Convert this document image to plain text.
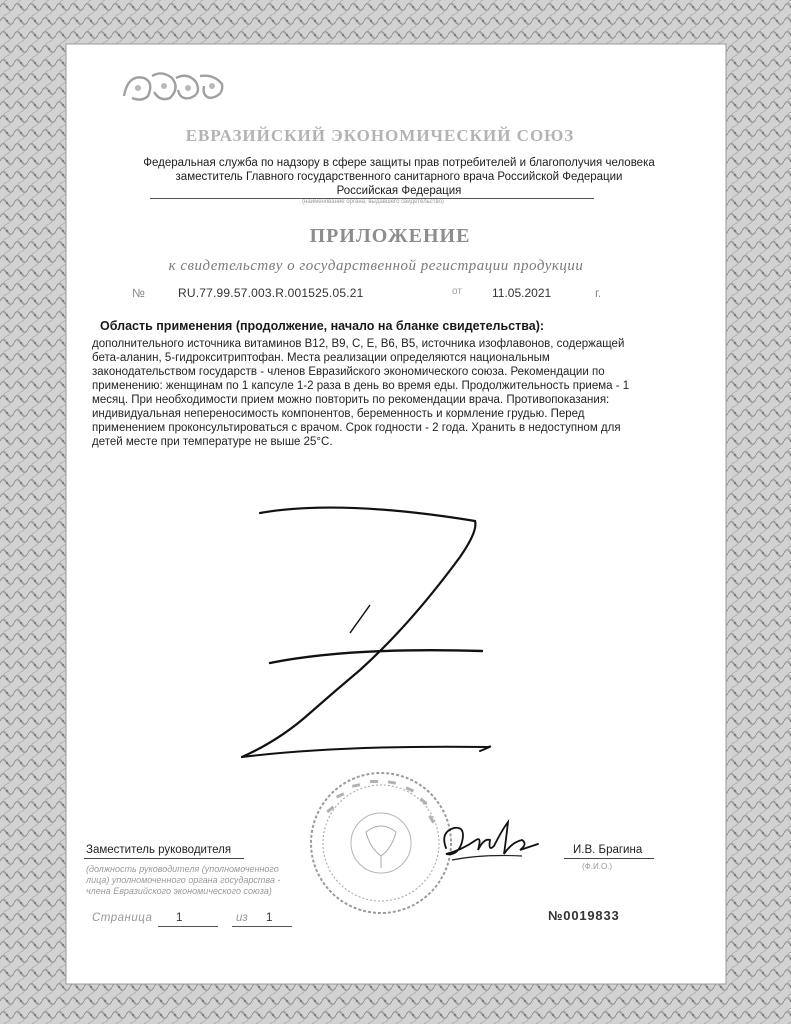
ЕВРАЗИЙСКИЙ ЭКОНОМИЧЕСКИЙ СОЮЗ
Федеральная служба по надзору в сфере защиты прав потребителей и благополучия человека
заместитель Главного государственного санитарного врача Российской Федерации
Российская Федерация
(наименование органа, выдавшего свидетельство)
ПРИЛОЖЕНИЕ
к свидетельству о государственной регистрации продукции
№	RU.77.99.57.003.R.001525.05.21	от	11.05.2021	г.
Область применения (продолжение, начало на бланке свидетельства):
дополнительного источника витаминов В12, В9, С, Е, В6, В5, источника изофлавонов, содержащей бета-аланин, 5-гидрокситриптофан. Места реализации определяются национальным законодательством государств - членов Евразийского экономического союза. Рекомендации по применению: женщинам по 1 капсуле 1-2 раза в день во время еды. Продолжительность приема - 1 месяц. При необходимости прием можно повторить по рекомендации врача. Противопоказания: индивидуальная непереносимость компонентов, беременность и кормление грудью. Перед применением проконсультироваться с врачом. Срок годности - 2 года. Хранить в недоступном для детей месте при температуре не выше 25°С.
Заместитель руководителя	И.В. Брагина
(должность руководителя (уполномоченного
лица) уполномоченного органа государства -
члена Евразийского экономического союза)
(Ф.И.О.)
Страница 1	из 1	№0019833
